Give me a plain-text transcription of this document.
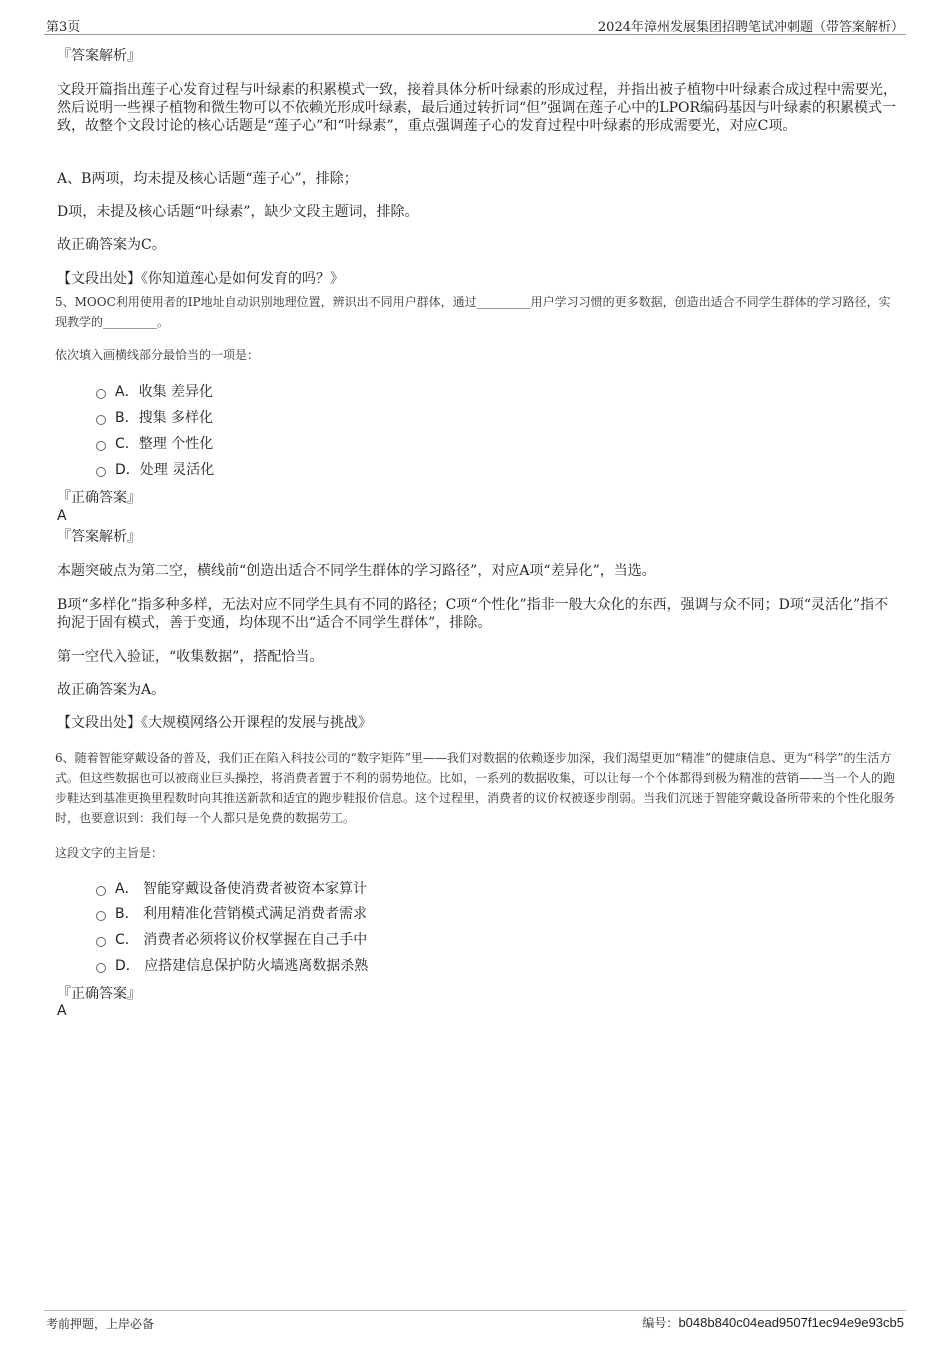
第3页	2024年漳州发展集团招聘笔试冲刺题（带答案解析）
『答案解析』
文段开篇指出莲子心发育过程与叶绿素的积累模式一致，接着具体分析叶绿素的形成过程，并指出被子植物中叶绿素合成过程中需要光，然后说明一些裸子植物和微生物可以不依赖光形成叶绿素，最后通过转折词“但”强调在莲子心中的LPOR编码基因与叶绿素的积累模式一致，故整个文段讨论的核心话题是“莲子心”和“叶绿素”，重点强调莲子心的发育过程中叶绿素的形成需要光，对应C项。
A、B两项，均未提及核心话题“莲子心”，排除；
D项，未提及核心话题“叶绿素”，缺少文段主题词，排除。
故正确答案为C。
【文段出处】《你知道莲心是如何发育的吗？》
5、MOOC利用使用者的IP地址自动识别地理位置，辨识出不同用户群体，通过_________用户学习习惯的更多数据，创造出适合不同学生群体的学习路径，实现教学的_________。
依次填入画横线部分最恰当的一项是：
A．收集 差异化
B．搜集 多样化
C．整理 个性化
D．处理 灵活化
『正确答案』
A
『答案解析』
本题突破点为第二空，横线前“创造出适合不同学生群体的学习路径”，对应A项“差异化”，当选。
B项“多样化”指多种多样，无法对应不同学生具有不同的路径；C项“个性化”指非一般大众化的东西，强调与众不同；D项“灵活化”指不拘泥于固有模式，善于变通，均体现不出“适合不同学生群体”，排除。
第一空代入验证，“收集数据”，搭配恰当。
故正确答案为A。
【文段出处】《大规模网络公开课程的发展与挑战》
6、随着智能穿戴设备的普及，我们正在陷入科技公司的“数字矩阵”里——我们对数据的依赖逐步加深，我们渴望更加“精准”的健康信息、更为“科学”的生活方式。但这些数据也可以被商业巨头操控，将消费者置于不利的弱势地位。比如，一系列的数据收集，可以让每一个个体都得到极为精准的营销——当一个人的跑步鞋达到基准更换里程数时向其推送新款和适宜的跑步鞋报价信息。这个过程里，消费者的议价权被逐步削弱。当我们沉迷于智能穿戴设备所带来的个性化服务时，也要意识到：我们每一个人都只是免费的数据劳工。
这段文字的主旨是：
A． 智能穿戴设备使消费者被资本家算计
B． 利用精准化营销模式满足消费者需求
C． 消费者必须将议价权掌握在自己手中
D． 应搭建信息保护防火墙逃离数据杀熟
『正确答案』
A
考前押题，上岸必备	编号：b048b840c04ead9507f1ec94e9e93cb5
